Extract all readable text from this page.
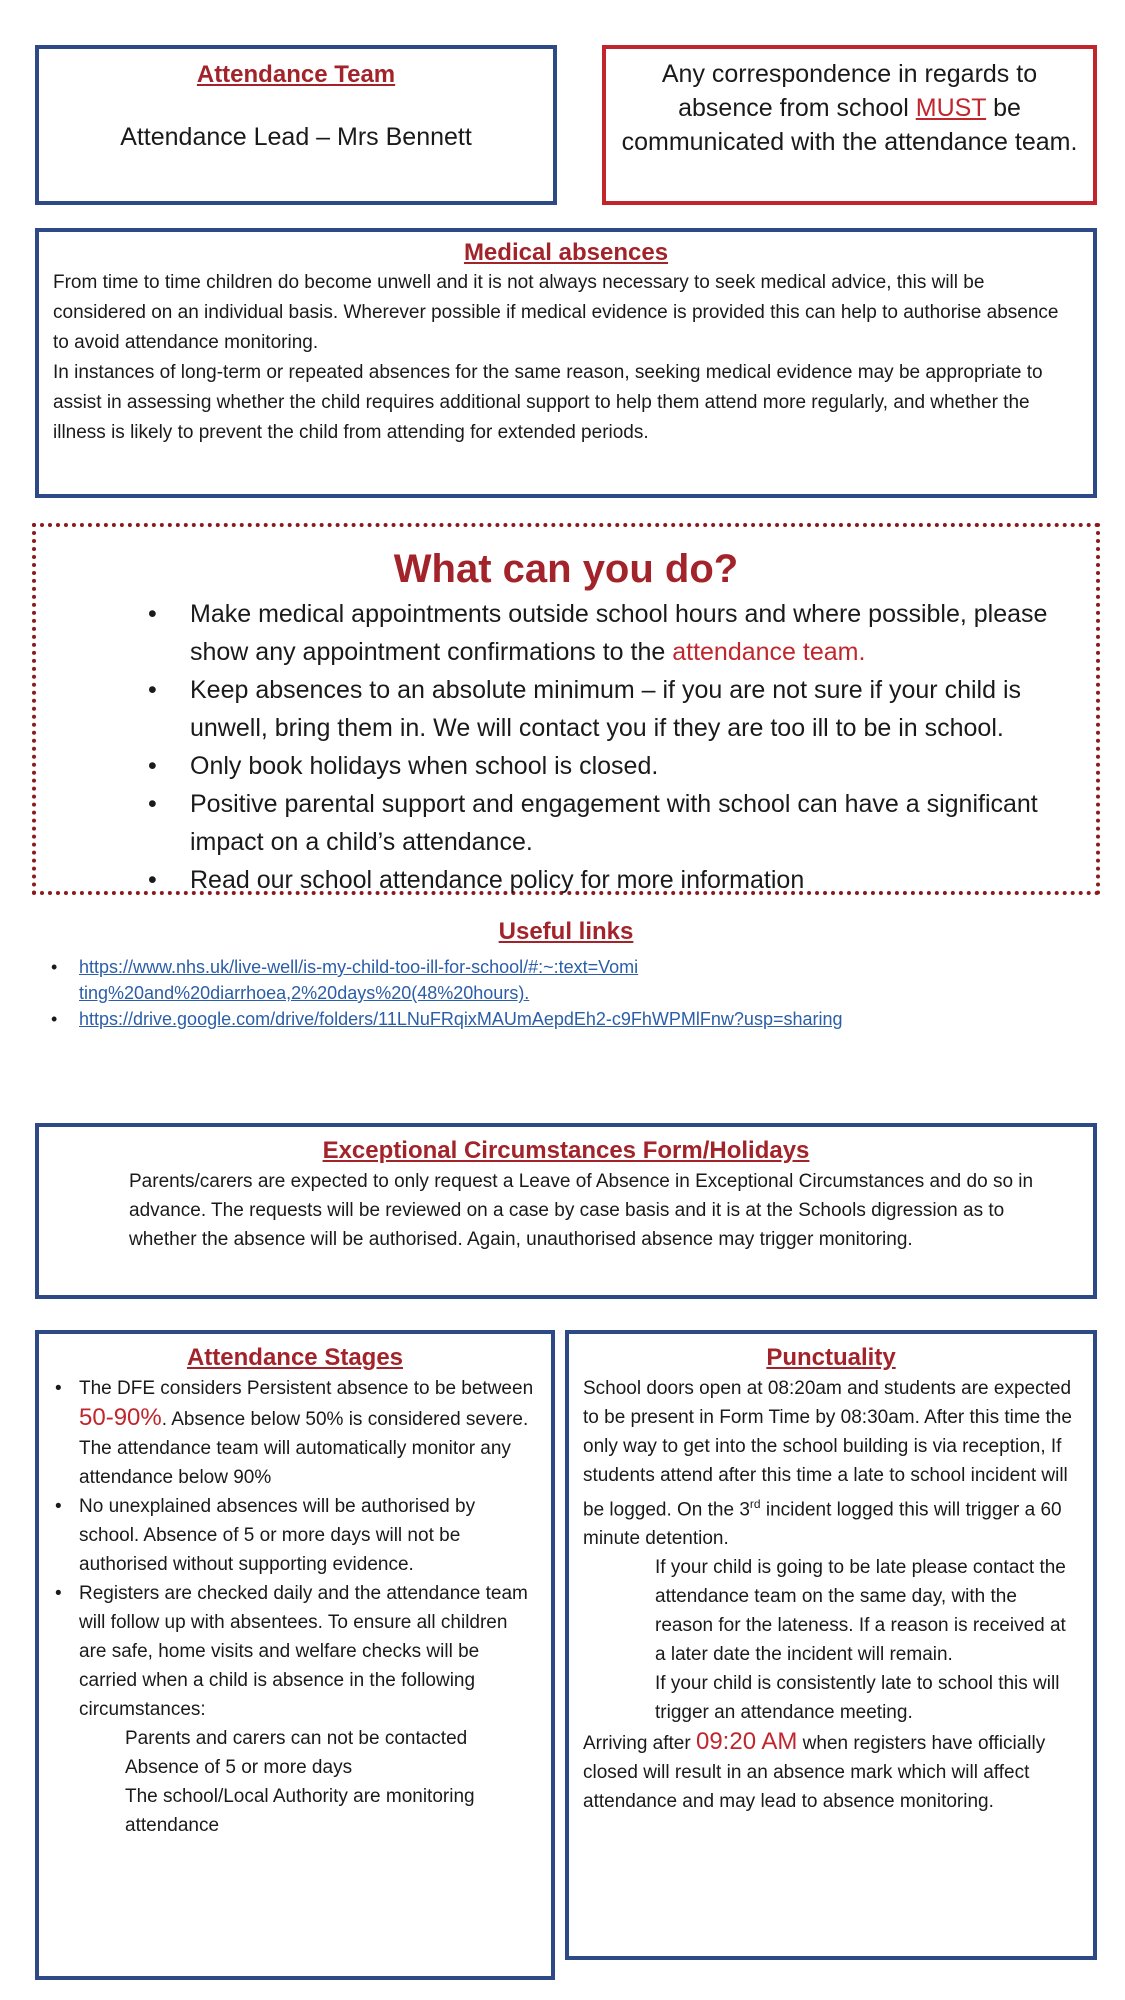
Attendance Team

Attendance Lead – Mrs Bennett

Any correspondence in regards to absence from school MUST be communicated with the attendance team.

Medical absences

From time to time children do become unwell and it is not always necessary to seek medical advice, this will be considered on an individual basis. Wherever possible if medical evidence is provided this can help to authorise absence to avoid attendance monitoring.

In instances of long-term or repeated absences for the same reason, seeking medical evidence may be appropriate to assist in assessing whether the child requires additional support to help them attend more regularly, and whether the illness is likely to prevent the child from attending for extended periods.

What can you do?

• Make medical appointments outside school hours and where possible, please show any appointment confirmations to the attendance team.
• Keep absences to an absolute minimum – if you are not sure if your child is unwell, bring them in. We will contact you if they are too ill to be in school.
• Only book holidays when school is closed.
• Positive parental support and engagement with school can have a significant impact on a child’s attendance.
• Read our school attendance policy for more information

Useful links

• https://www.nhs.uk/live-well/is-my-child-too-ill-for-school/#:~:text=Vomiting%20and%20diarrhoea,2%20days%20(48%20hours).
• https://drive.google.com/drive/folders/11LNuFRqixMAUmAepdEh2-c9FhWPMlFnw?usp=sharing

Exceptional Circumstances Form/Holidays

Parents/carers are expected to only request a Leave of Absence in Exceptional Circumstances and do so in advance. The requests will be reviewed on a case by case basis and it is at the Schools digression as to whether the absence will be authorised. Again, unauthorised absence may trigger monitoring.

Attendance Stages

• The DFE considers Persistent absence to be between 50-90%. Absence below 50% is considered severe. The attendance team will automatically monitor any attendance below 90%
• No unexplained absences will be authorised by school. Absence of 5 or more days will not be authorised without supporting evidence.
• Registers are checked daily and the attendance team will follow up with absentees. To ensure all children are safe, home visits and welfare checks will be carried when a child is absence in the following circumstances:

Parents and carers can not be contacted

Absence of 5 or more days

The school/Local Authority are monitoring attendance

Punctuality

School doors open at 08:20am and students are expected to be present in Form Time by 08:30am. After this time the only way to get into the school building is via reception, If students attend after this time a late to school incident will be logged. On the 3rd incident logged this will trigger a 60 minute detention.

If your child is going to be late please contact the attendance team on the same day, with the reason for the lateness. If a reason is received at a later date the incident will remain.

If your child is consistently late to school this will trigger an attendance meeting.

Arriving after 09:20 AM when registers have officially closed will result in an absence mark which will affect attendance and may lead to absence monitoring.
